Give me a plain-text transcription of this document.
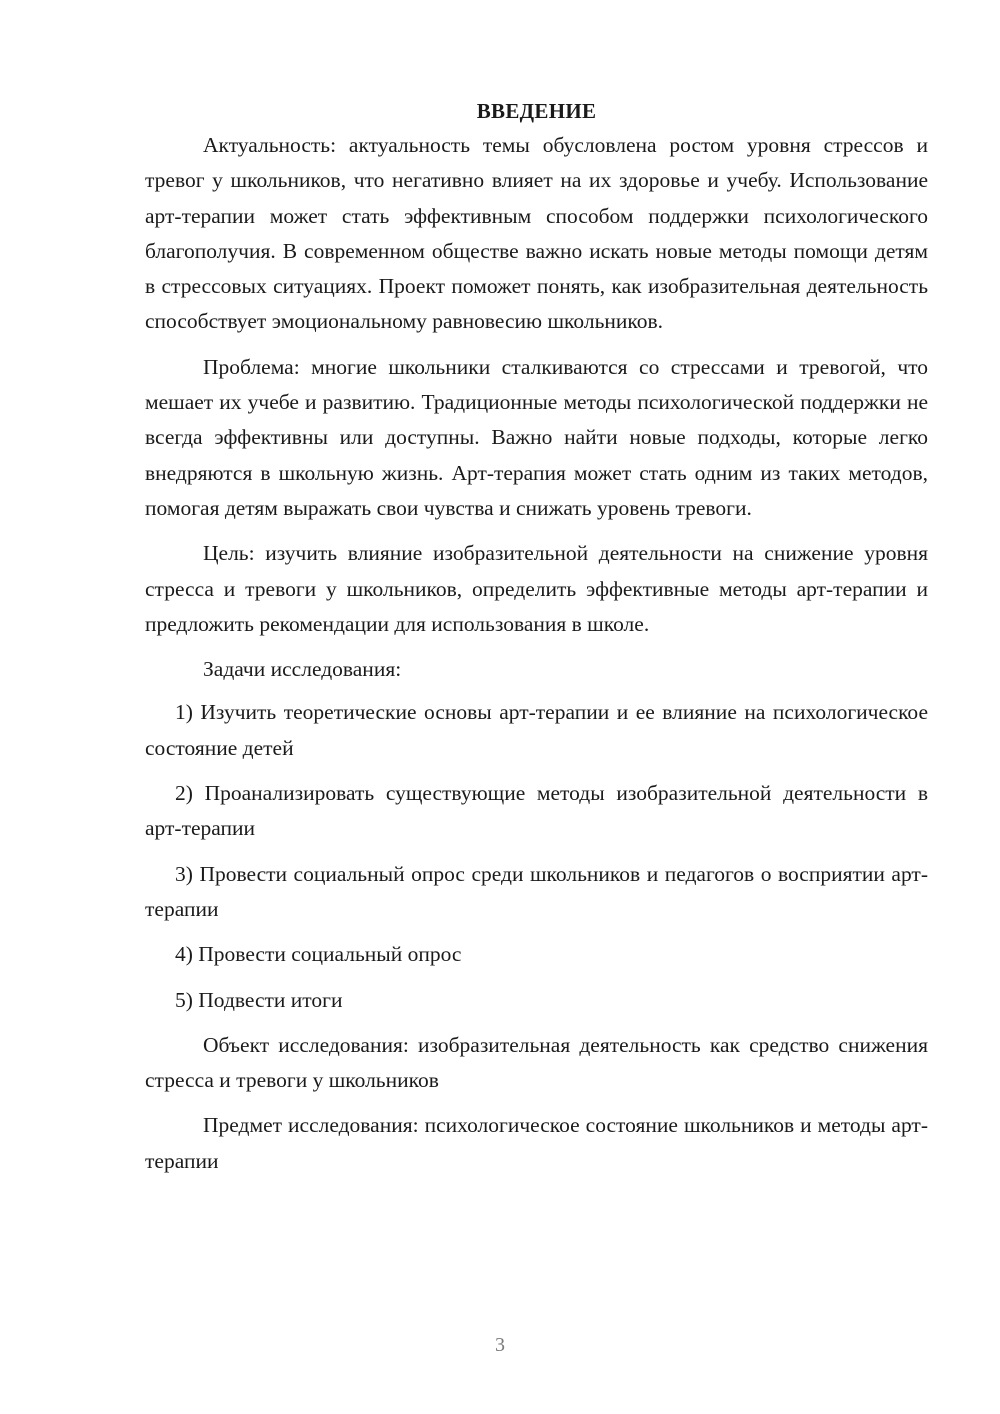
ВВЕДЕНИЕ

Актуальность: актуальность темы обусловлена ростом уровня стрессов и тревог у школьников, что негативно влияет на их здоровье и учебу. Использование арт-терапии может стать эффективным способом поддержки психологического благополучия. В современном обществе важно искать новые методы помощи детям в стрессовых ситуациях. Проект поможет понять, как изобразительная деятельность способствует эмоциональному равновесию школьников.

Проблема: многие школьники сталкиваются со стрессами и тревогой, что мешает их учебе и развитию. Традиционные методы психологической поддержки не всегда эффективны или доступны. Важно найти новые подходы, которые легко внедряются в школьную жизнь. Арт-терапия может стать одним из таких методов, помогая детям выражать свои чувства и снижать уровень тревоги.

Цель: изучить влияние изобразительной деятельности на снижение уровня стресса и тревоги у школьников, определить эффективные методы арт-терапии и предложить рекомендации для использования в школе.

Задачи исследования:

1) Изучить теоретические основы арт-терапии и ее влияние на психологическое состояние детей

2) Проанализировать существующие методы изобразительной деятельности в арт-терапии

3) Провести социальный опрос среди школьников и педагогов о восприятии арт-терапии

4) Провести социальный опрос

5) Подвести итоги

Объект исследования: изобразительная деятельность как средство снижения стресса и тревоги у школьников

Предмет исследования: психологическое состояние школьников и методы арт-терапии

3
